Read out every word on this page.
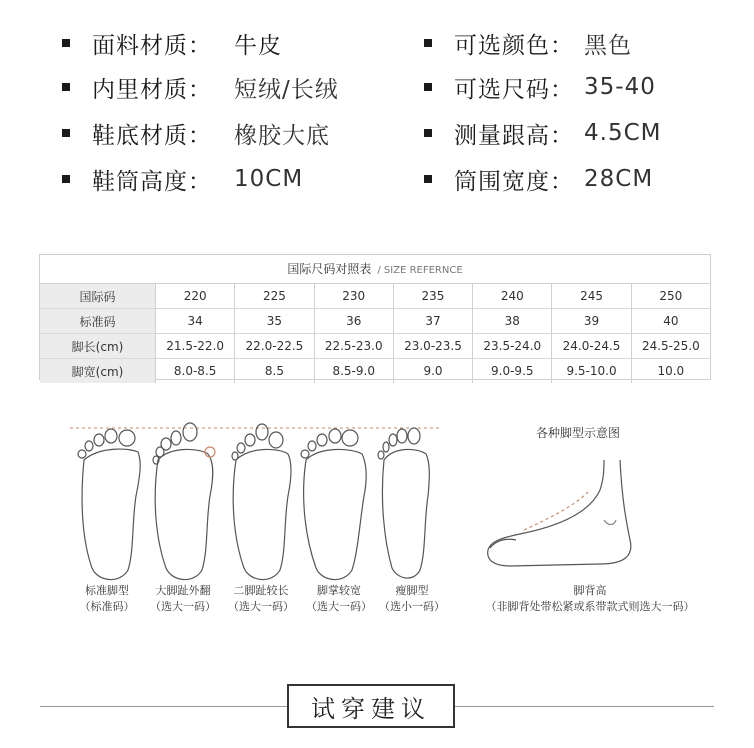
面料材质： 牛皮
内里材质： 短绒/长绒
鞋底材质： 橡胶大底
鞋筒高度： 10CM
可选颜色： 黑色
可选尺码： 35-40
测量跟高： 4.5CM
筒围宽度： 28CM
国际尺码对照表 / SIZE REFERNCE
国际码	220	225	230	235	240	245	250
标准码	34	35	36	37	38	39	40
脚长(cm)	21.5-22.0	22.0-22.5	22.5-23.0	23.0-23.5	23.5-24.0	24.0-24.5	24.5-25.0
脚宽(cm)	8.0-8.5	8.5	8.5-9.0	9.0	9.0-9.5	9.5-10.0	10.0
标准脚型
（标准码）
大脚趾外翻
（选大一码）
二脚趾较长
（选大一码）
脚掌较宽
（选大一码）
瘦脚型
（选小一码）
各种脚型示意图
脚背高
（非脚背处带松紧或系带款式则选大一码）
试穿建议
